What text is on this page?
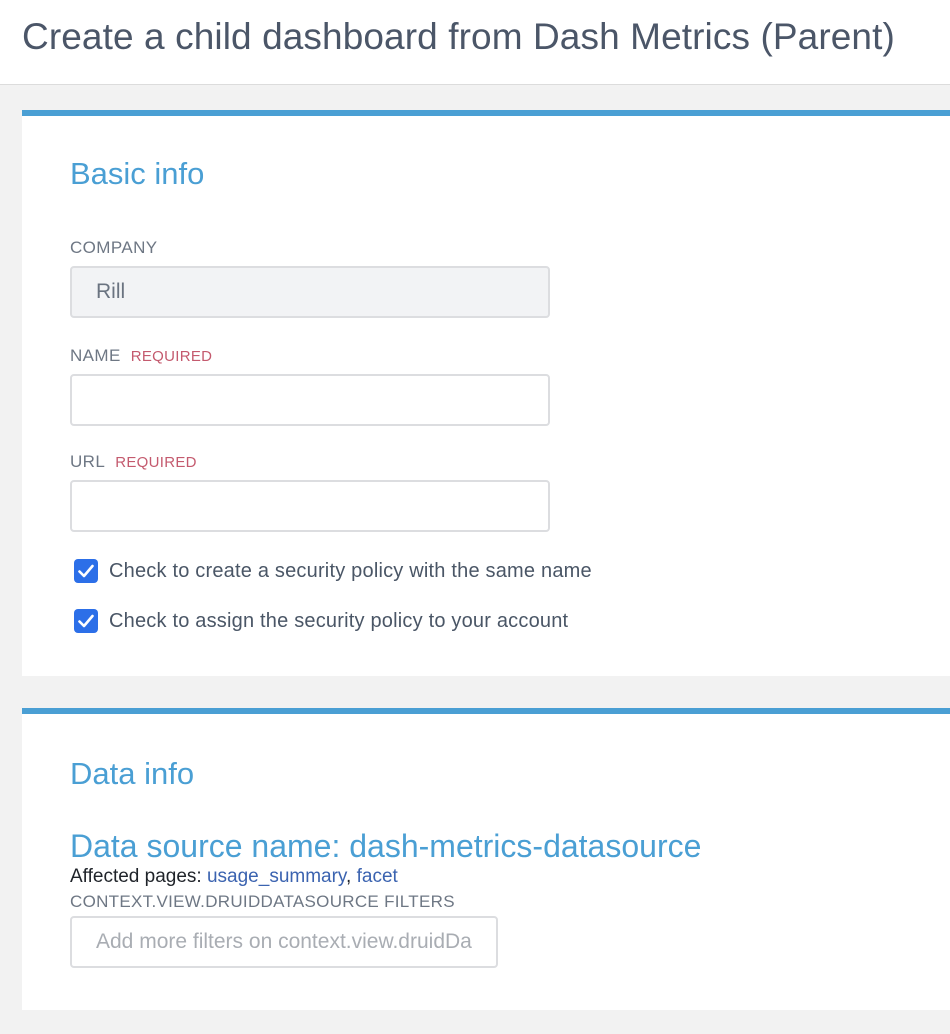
Create a child dashboard from Dash Metrics (Parent)
Basic info
COMPANY
Rill
NAME REQUIRED
URL REQUIRED
Check to create a security policy with the same name
Check to assign the security policy to your account
Data info
Data source name: dash-metrics-datasource
Affected pages: usage_summary, facet
CONTEXT.VIEW.DRUIDDATASOURCE FILTERS
Add more filters on context.view.druidDataSource
